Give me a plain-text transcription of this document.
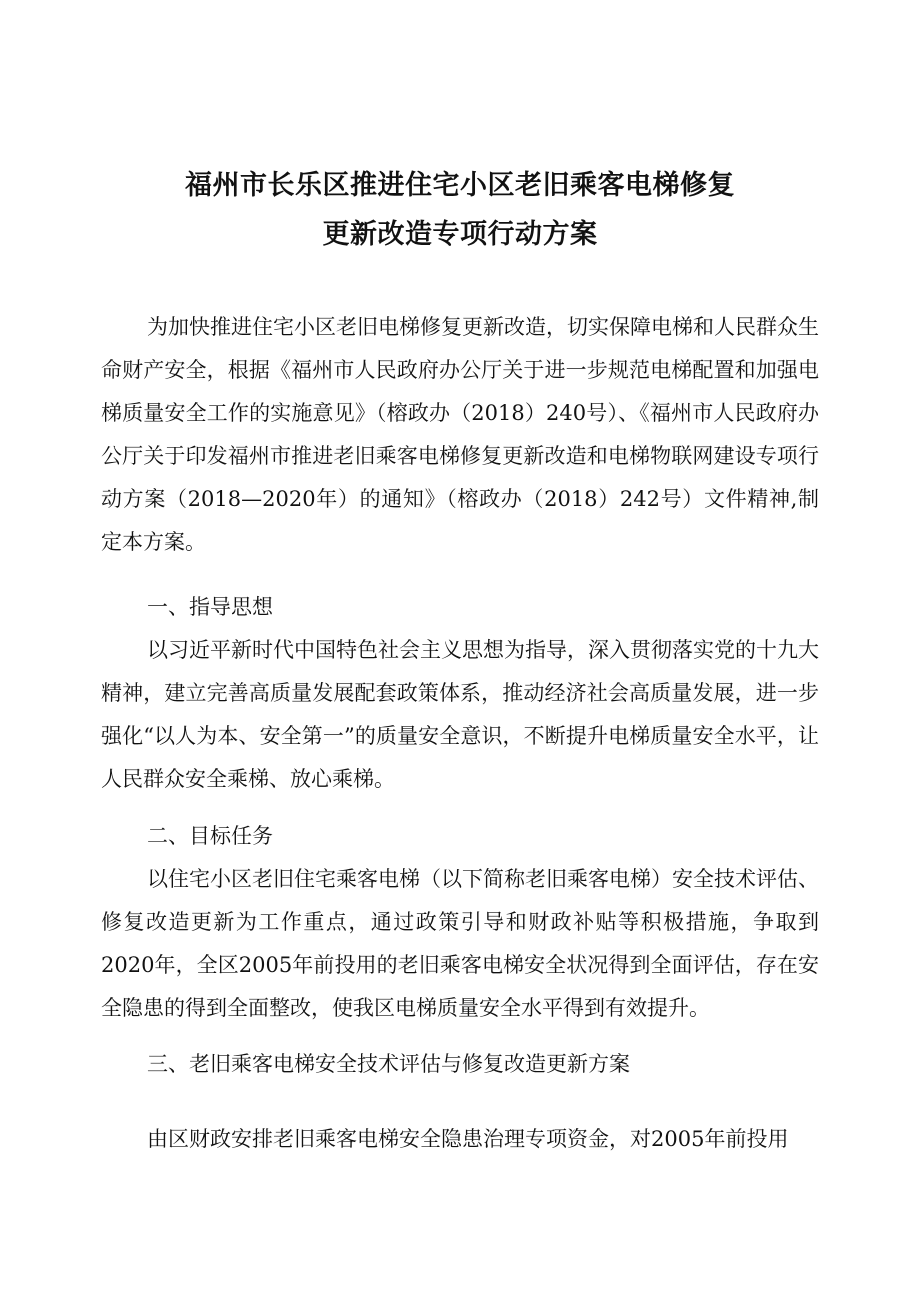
福州市长乐区推进住宅小区老旧乘客电梯修复
更新改造专项行动方案

为加快推进住宅小区老旧电梯修复更新改造，切实保障电梯和人民群众生命财产安全，根据《福州市人民政府办公厅关于进一步规范电梯配置和加强电梯质量安全工作的实施意见》（榕政办（2018）240号）、《福州市人民政府办公厅关于印发福州市推进老旧乘客电梯修复更新改造和电梯物联网建设专项行动方案（2018—2020年）的通知》（榕政办（2018）242号）文件精神,制定本方案。

一、指导思想

以习近平新时代中国特色社会主义思想为指导，深入贯彻落实党的十九大精神，建立完善高质量发展配套政策体系，推动经济社会高质量发展，进一步强化“以人为本、安全第一”的质量安全意识，不断提升电梯质量安全水平，让人民群众安全乘梯、放心乘梯。

二、目标任务

以住宅小区老旧住宅乘客电梯（以下简称老旧乘客电梯）安全技术评估、修复改造更新为工作重点，通过政策引导和财政补贴等积极措施，争取到2020年，全区2005年前投用的老旧乘客电梯安全状况得到全面评估，存在安全隐患的得到全面整改，使我区电梯质量安全水平得到有效提升。

三、老旧乘客电梯安全技术评估与修复改造更新方案

由区财政安排老旧乘客电梯安全隐患治理专项资金，对2005年前投用
